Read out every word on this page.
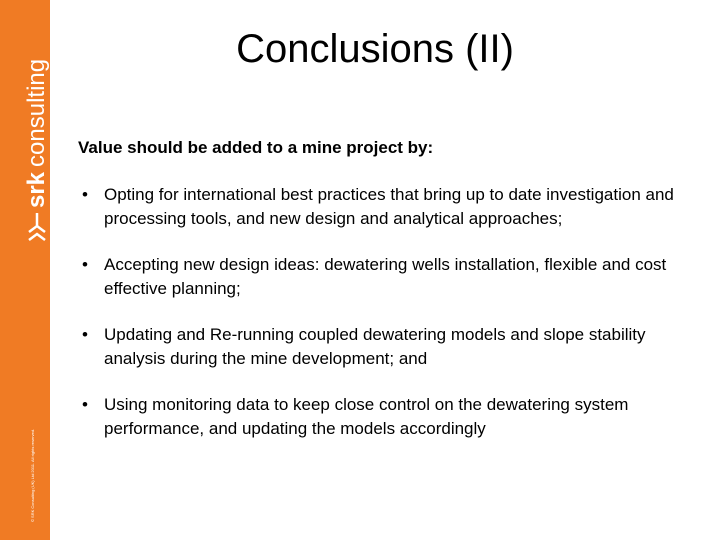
srk
consulting
© SRK Consulting (UK) Ltd 2011. All rights reserved.
Conclusions (II)

Value should be added to a mine project by:

• Opting for international best practices that bring up to date investigation and processing tools, and new design and analytical approaches;
• Accepting new design ideas: dewatering wells installation, flexible and cost effective planning;
• Updating and Re-running coupled dewatering models and slope stability analysis during the mine development; and
• Using monitoring data to keep close control on the dewatering system performance, and updating the models accordingly
